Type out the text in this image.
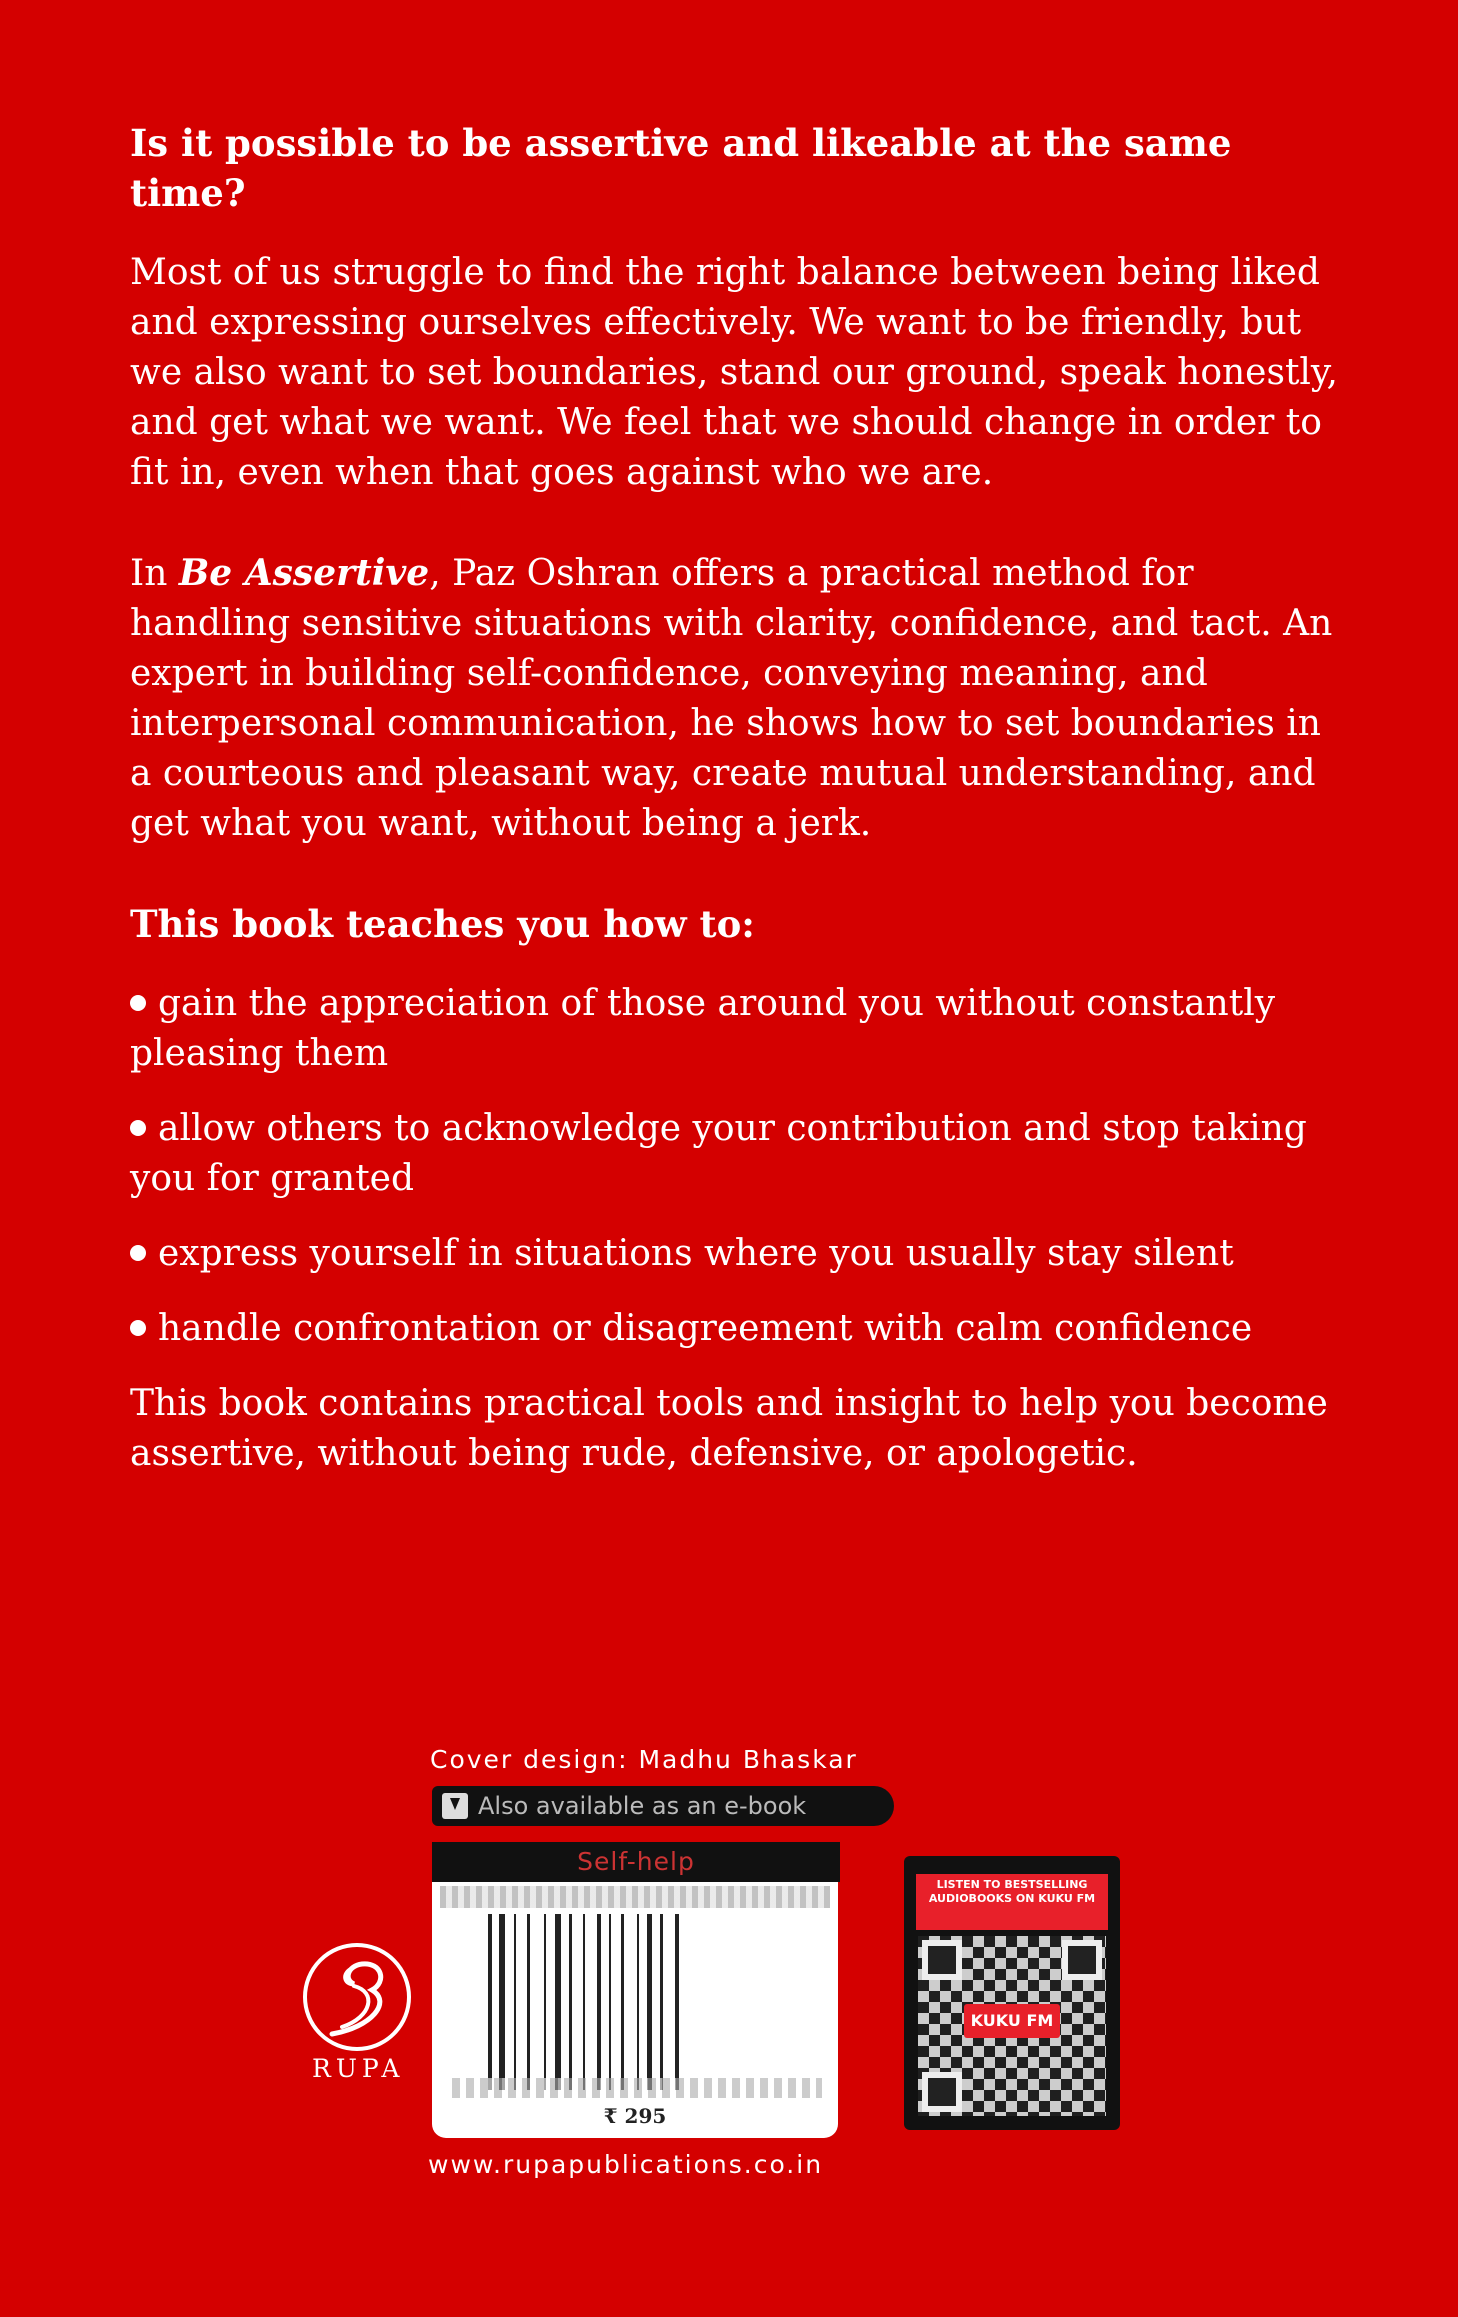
Is it possible to be assertive and likeable at the same time?

Most of us struggle to find the right balance between being liked and expressing ourselves effectively. We want to be friendly, but we also want to set boundaries, stand our ground, speak honestly, and get what we want. We feel that we should change in order to fit in, even when that goes against who we are.

In Be Assertive, Paz Oshran offers a practical method for handling sensitive situations with clarity, confidence, and tact. An expert in building self-confidence, conveying meaning, and interpersonal communication, he shows how to set boundaries in a courteous and pleasant way, create mutual understanding, and get what you want, without being a jerk.

This book teaches you how to:

gain the appreciation of those around you without constantly pleasing them
allow others to acknowledge your contribution and stop taking you for granted
express yourself in situations where you usually stay silent
handle confrontation or disagreement with calm confidence

This book contains practical tools and insight to help you become assertive, without being rude, defensive, or apologetic.

Cover design: Madhu Bhaskar
Also available as an e-book
Self-help
₹ 295
LISTEN TO BESTSELLING AUDIOBOOKS ON KUKU FM
KUKU FM
RUPA
www.rupapublications.co.in
